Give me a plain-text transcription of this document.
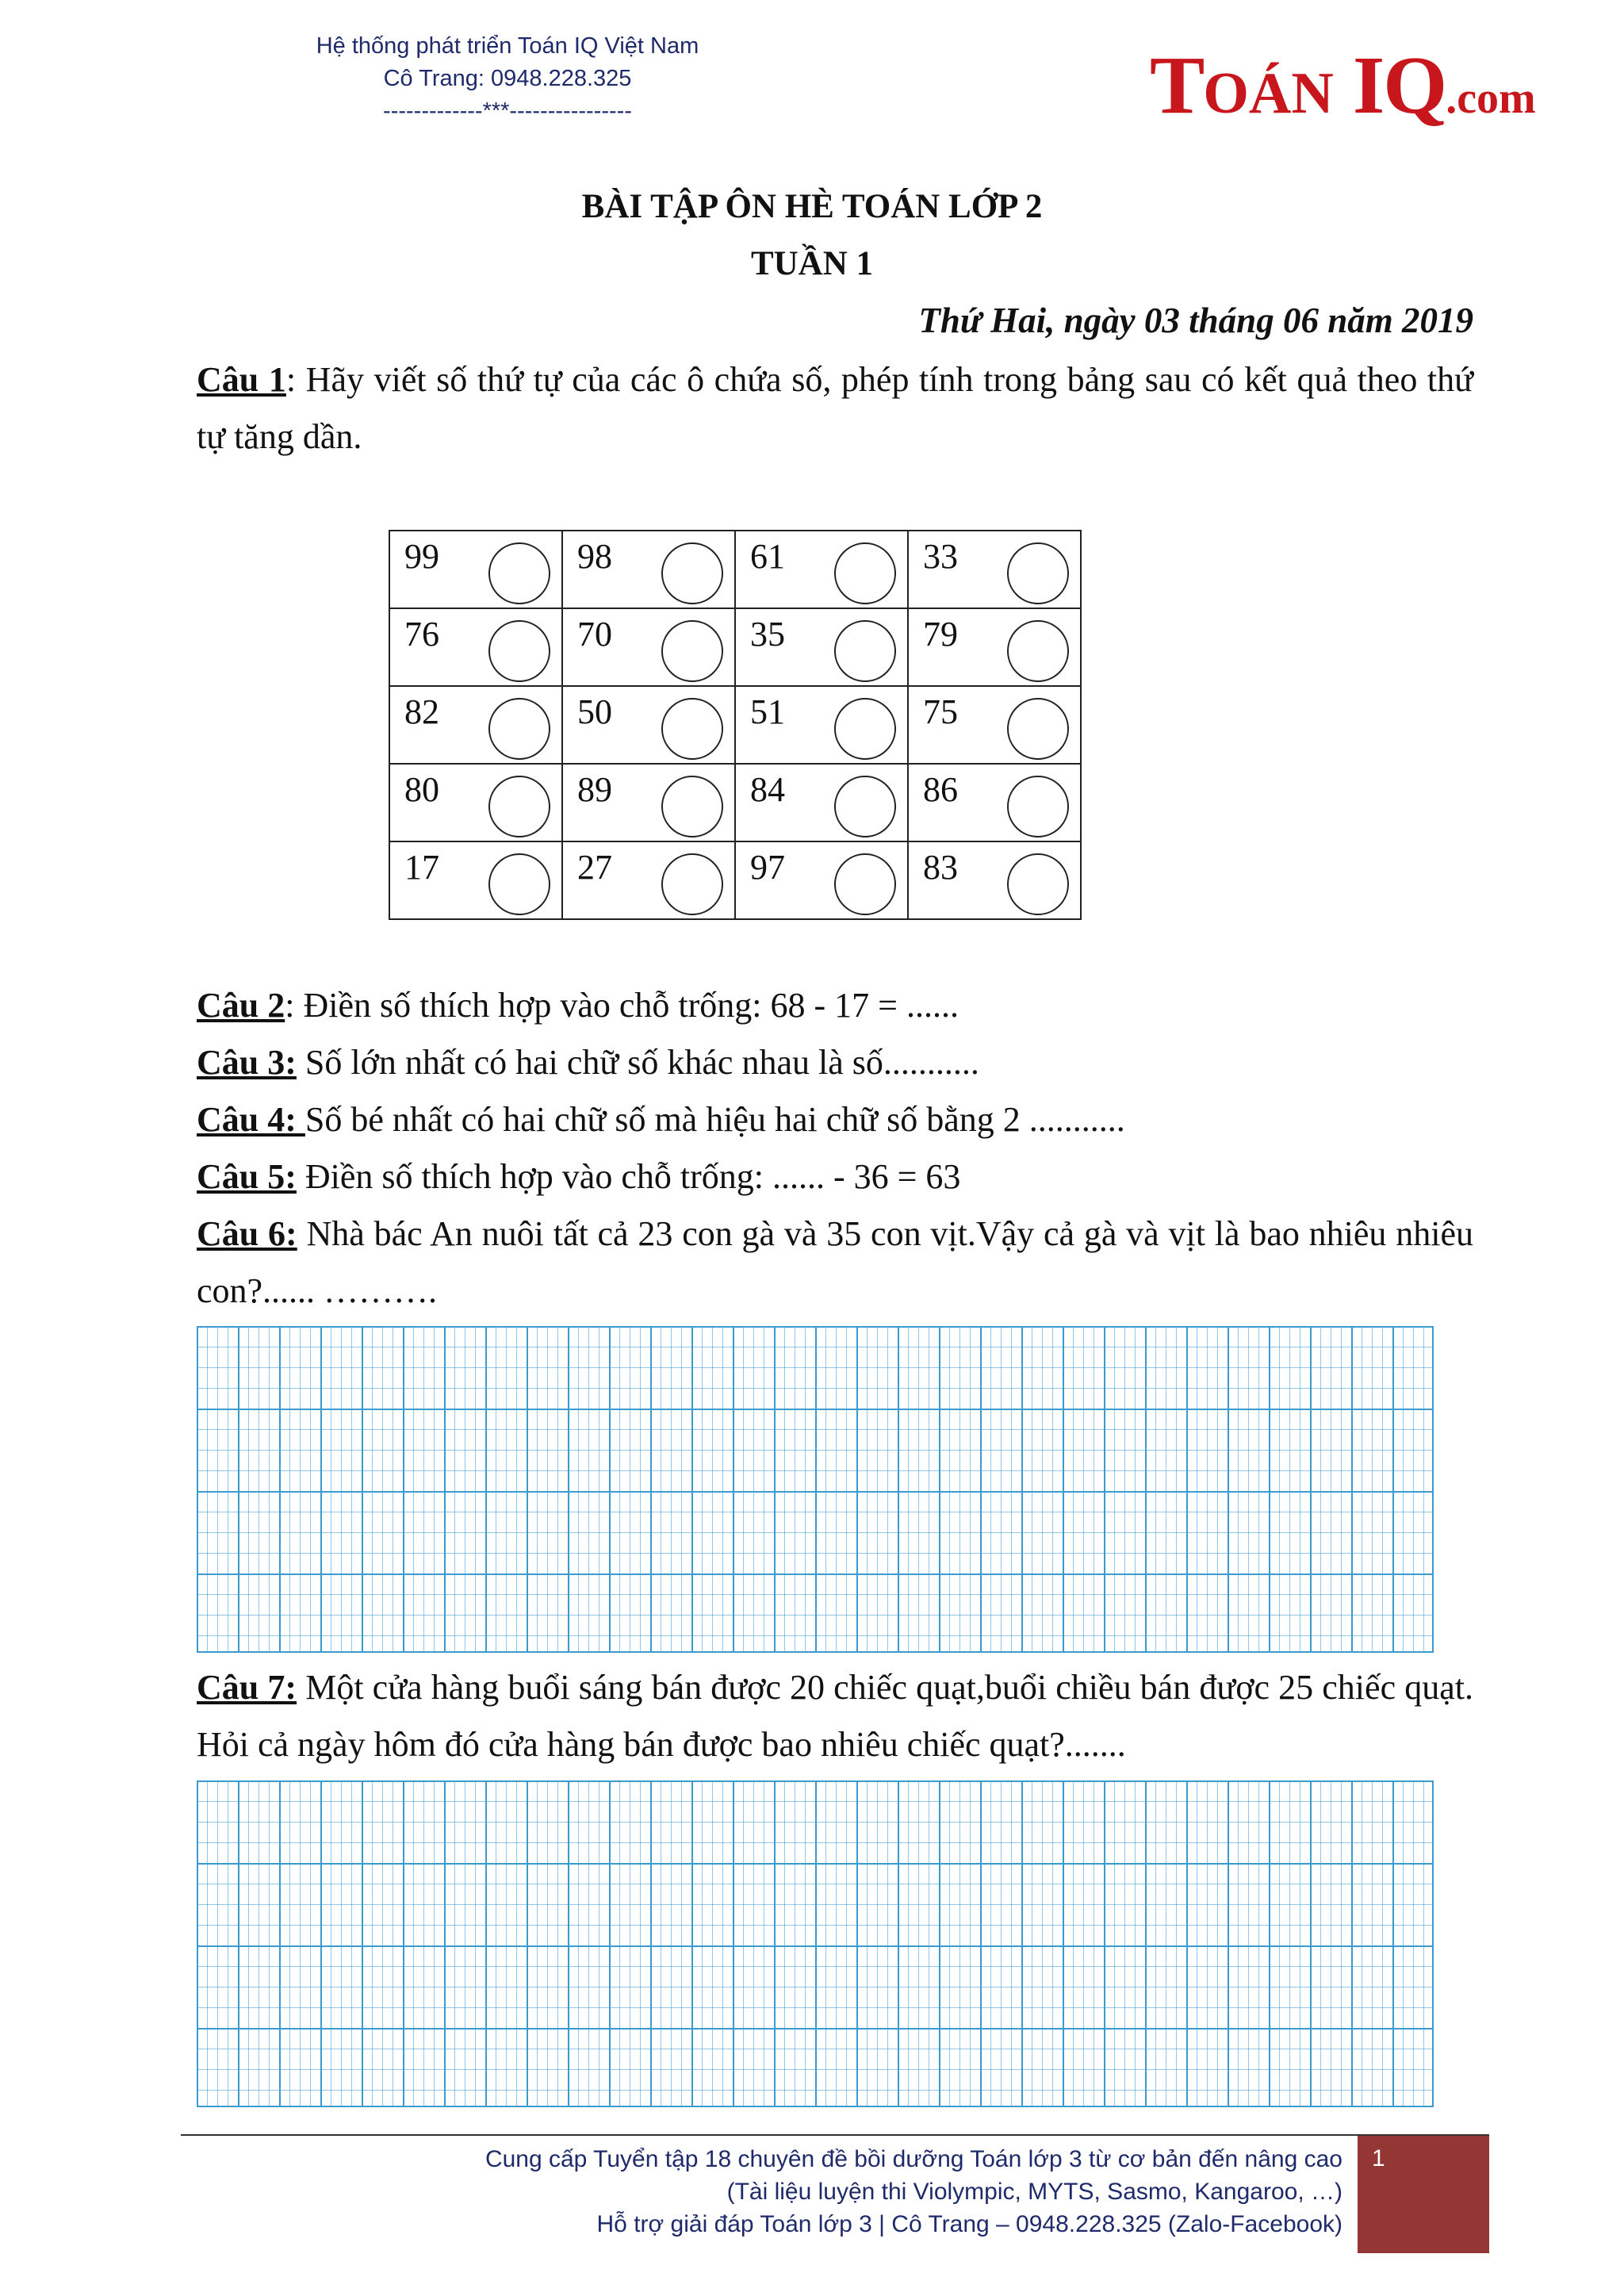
Hệ thống phát triển Toán IQ Việt Nam
Cô Trang: 0948.228.325
-------------***----------------	TOÁN IQ.com
BÀI TẬP ÔN HÈ TOÁN LỚP 2
TUẦN 1
Thứ Hai, ngày 03 tháng 06 năm 2019
Câu 1: Hãy viết số thứ tự của các ô chứa số, phép tính trong bảng sau có kết quả theo thứ tự tăng dần.
99	98	61	33

76	70	35	79

82	50	51	75

80	89	84	86

17	27	97	83
Câu 2: Điền số thích hợp vào chỗ trống: 68 - 17 = ......
Câu 3: Số lớn nhất có hai chữ số khác nhau là số...........
Câu 4: Số bé nhất có hai chữ số mà hiệu hai chữ số bằng 2 ...........
Câu 5: Điền số thích hợp vào chỗ trống: ...... - 36 = 63
Câu 6: Nhà bác An nuôi tất cả 23 con gà và 35 con vịt.Vậy cả gà và vịt là bao nhiêu nhiêu con?...... ……….
Câu 7: Một cửa hàng buổi sáng bán được 20 chiếc quạt,buổi chiều bán được 25 chiếc quạt. Hỏi cả ngày hôm đó cửa hàng bán được bao nhiêu chiếc quạt?.......
Cung cấp Tuyển tập 18 chuyên đề bồi dưỡng Toán lớp 3 từ cơ bản đến nâng cao
(Tài liệu luyện thi Violympic, MYTS, Sasmo, Kangaroo, …)
Hỗ trợ giải đáp Toán lớp 3 | Cô Trang – 0948.228.325 (Zalo-Facebook)
1
